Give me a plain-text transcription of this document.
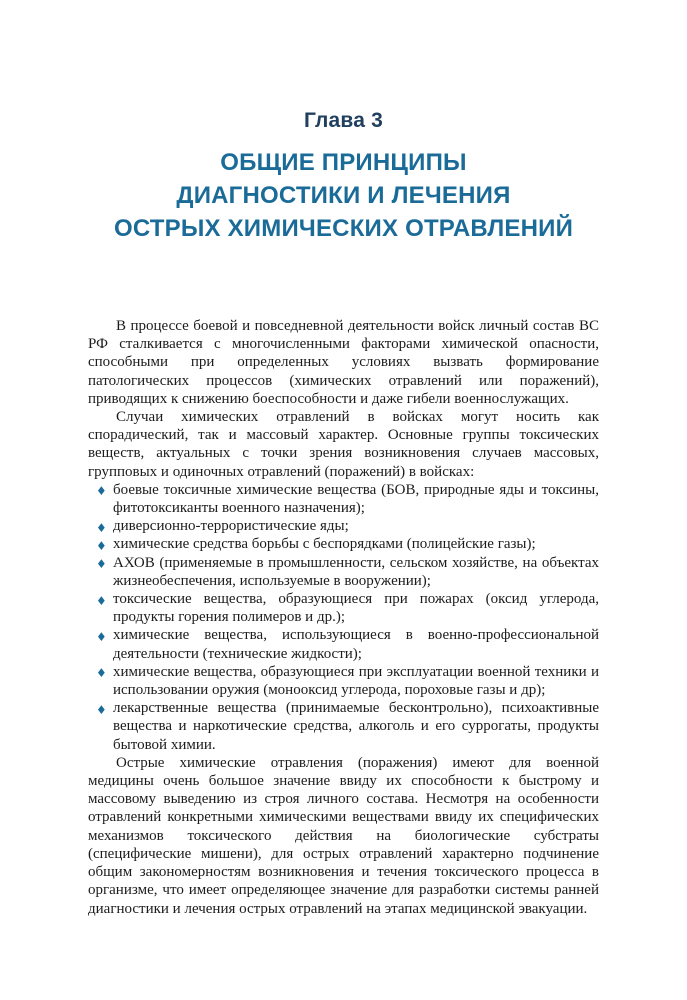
Глава 3
ОБЩИЕ ПРИНЦИПЫ
ДИАГНОСТИКИ И ЛЕЧЕНИЯ
ОСТРЫХ ХИМИЧЕСКИХ ОТРАВЛЕНИЙ

В процессе боевой и повседневной деятельности войск личный состав ВС РФ сталкивается с многочисленными факторами химической опасности, способными при определенных условиях вызвать формирование патологических процессов (химических отравлений или поражений), приводящих к снижению боеспособности и даже гибели военнослужащих.

Случаи химических отравлений в войсках могут носить как спорадический, так и массовый характер. Основные группы токсических веществ, актуальных с точки зрения возникновения случаев массовых, групповых и одиночных отравлений (поражений) в войсках:

♦ боевые токсичные химические вещества (БОВ, природные яды и токсины, фитотоксиканты военного назначения);
♦ диверсионно-террористические яды;
♦ химические средства борьбы с беспорядками (полицейские газы);
♦ АХОВ (применяемые в промышленности, сельском хозяйстве, на объектах жизнеобеспечения, используемые в вооружении);
♦ токсические вещества, образующиеся при пожарах (оксид углерода, продукты горения полимеров и др.);
♦ химические вещества, использующиеся в военно-профессиональной деятельности (технические жидкости);
♦ химические вещества, образующиеся при эксплуатации военной техники и использовании оружия (монооксид углерода, пороховые газы и др);
♦ лекарственные вещества (принимаемые бесконтрольно), психоактивные вещества и наркотические средства, алкоголь и его суррогаты, продукты бытовой химии.

Острые химические отравления (поражения) имеют для военной медицины очень большое значение ввиду их способности к быстрому и массовому выведению из строя личного состава. Несмотря на особенности отравлений конкретными химическими веществами ввиду их специфических механизмов токсического действия на биологические субстраты (специфические мишени), для острых отравлений характерно подчинение общим закономерностям возникновения и течения токсического процесса в организме, что имеет определяющее значение для разработки системы ранней диагностики и лечения острых отравлений на этапах медицинской эвакуации.
